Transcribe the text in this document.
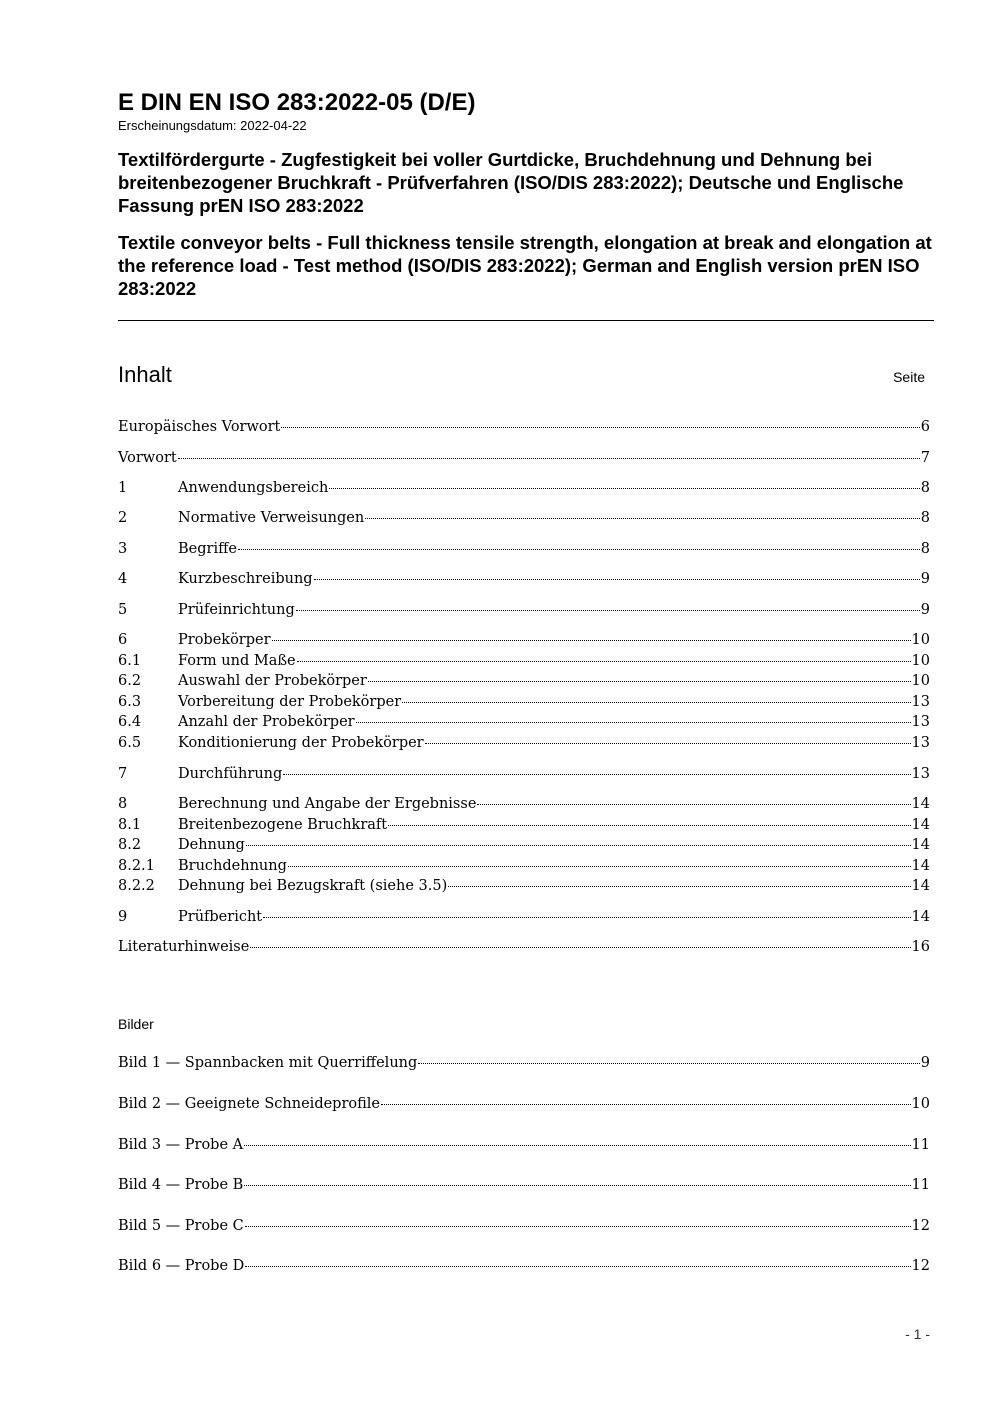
E DIN EN ISO 283:2022-05 (D/E)

Erscheinungsdatum: 2022-04-22

Textilfördergurte - Zugfestigkeit bei voller Gurtdicke, Bruchdehnung und Dehnung bei breitenbezogener Bruchkraft - Prüfverfahren (ISO/DIS 283:2022); Deutsche und Englische Fassung prEN ISO 283:2022

Textile conveyor belts - Full thickness tensile strength, elongation at break and elongation at the reference load - Test method (ISO/DIS 283:2022); German and English version prEN ISO 283:2022

Inhalt	Seite
Europäisches Vorwort	6
Vorwort	7
1	Anwendungsbereich	8
2	Normative Verweisungen	8
3	Begriffe	8
4	Kurzbeschreibung	9
5	Prüfeinrichtung	9
6	Probekörper	10
6.1	Form und Maße	10
6.2	Auswahl der Probekörper	10
6.3	Vorbereitung der Probekörper	13
6.4	Anzahl der Probekörper	13
6.5	Konditionierung der Probekörper	13
7	Durchführung	13
8	Berechnung und Angabe der Ergebnisse	14
8.1	Breitenbezogene Bruchkraft	14
8.2	Dehnung	14
8.2.1	Bruchdehnung	14
8.2.2	Dehnung bei Bezugskraft (siehe 3.5)	14
9	Prüfbericht	14
Literaturhinweise	16
Bilder
Bild 1 — Spannbacken mit Querriffelung	9
Bild 2 — Geeignete Schneideprofile	10
Bild 3 — Probe A	11
Bild 4 — Probe B	11
Bild 5 — Probe C	12
Bild 6 — Probe D	12
- 1 -
